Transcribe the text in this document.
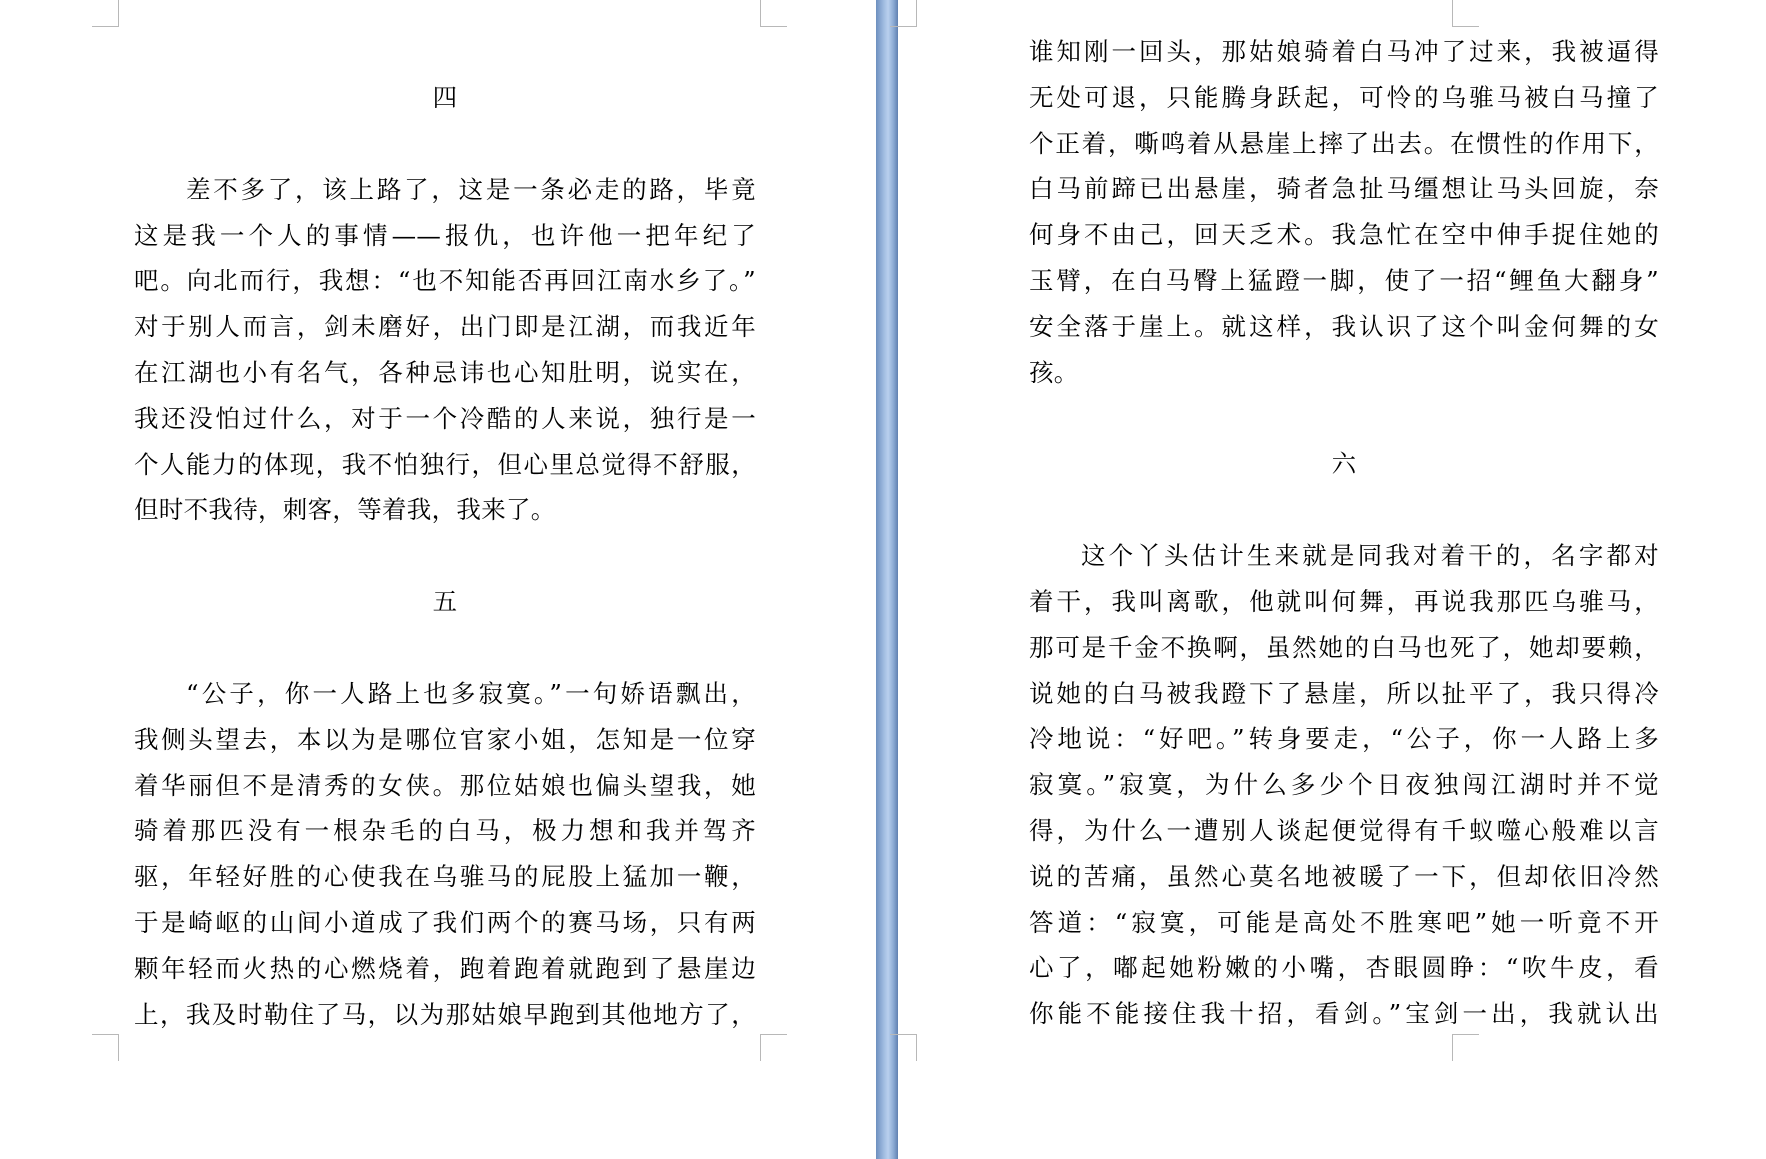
四
差不多了，该上路了，这是一条必走的路，毕竟
这是我一个人的事情——报仇，也许他一把年纪了
吧。向北而行，我想：“也不知能否再回江南水乡了。”
对于别人而言，剑未磨好，出门即是江湖，而我近年
在江湖也小有名气，各种忌讳也心知肚明，说实在，
我还没怕过什么，对于一个冷酷的人来说，独行是一
个人能力的体现，我不怕独行，但心里总觉得不舒服，
但时不我待，刺客，等着我，我来了。
五
“公子，你一人路上也多寂寞。”一句娇语飘出，
我侧头望去，本以为是哪位官家小姐，怎知是一位穿
着华丽但不是清秀的女侠。那位姑娘也偏头望我，她
骑着那匹没有一根杂毛的白马，极力想和我并驾齐
驱，年轻好胜的心使我在乌骓马的屁股上猛加一鞭，
于是崎岖的山间小道成了我们两个的赛马场，只有两
颗年轻而火热的心燃烧着，跑着跑着就跑到了悬崖边
上，我及时勒住了马，以为那姑娘早跑到其他地方了，
谁知刚一回头，那姑娘骑着白马冲了过来，我被逼得
无处可退，只能腾身跃起，可怜的乌骓马被白马撞了
个正着，嘶鸣着从悬崖上摔了出去。在惯性的作用下，
白马前蹄已出悬崖，骑者急扯马缰想让马头回旋，奈
何身不由己，回天乏术。我急忙在空中伸手捉住她的
玉臂，在白马臀上猛蹬一脚，使了一招“鲤鱼大翻身”
安全落于崖上。就这样，我认识了这个叫金何舞的女
孩。
六
这个丫头估计生来就是同我对着干的，名字都对
着干，我叫离歌，他就叫何舞，再说我那匹乌骓马，
那可是千金不换啊，虽然她的白马也死了，她却要赖，
说她的白马被我蹬下了悬崖，所以扯平了，我只得冷
冷地说：“好吧。”转身要走，“公子，你一人路上多
寂寞。”寂寞，为什么多少个日夜独闯江湖时并不觉
得，为什么一遭别人谈起便觉得有千蚁噬心般难以言
说的苦痛，虽然心莫名地被暖了一下，但却依旧冷然
答道：“寂寞，可能是高处不胜寒吧”她一听竟不开
心了，嘟起她粉嫩的小嘴，杏眼圆睁：“吹牛皮，看
你能不能接住我十招，看剑。”宝剑一出，我就认出
